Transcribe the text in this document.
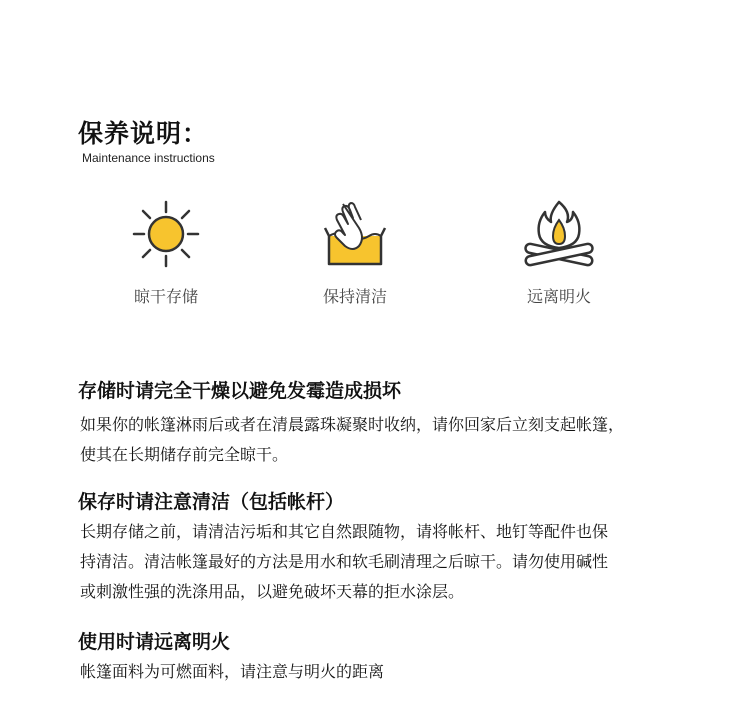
保养说明：
Maintenance instructions
晾干存储	保持清洁	远离明火
存储时请完全干燥以避免发霉造成损坏
如果你的帐篷淋雨后或者在清晨露珠凝聚时收纳，请你回家后立刻支起帐篷，
使其在长期储存前完全晾干。
保存时请注意清洁（包括帐杆）
长期存储之前，请清洁污垢和其它自然跟随物，请将帐杆、地钉等配件也保
持清洁。清洁帐篷最好的方法是用水和软毛刷清理之后晾干。请勿使用碱性
或刺激性强的洗涤用品，以避免破坏天幕的拒水涂层。
使用时请远离明火
帐篷面料为可燃面料，请注意与明火的距离
